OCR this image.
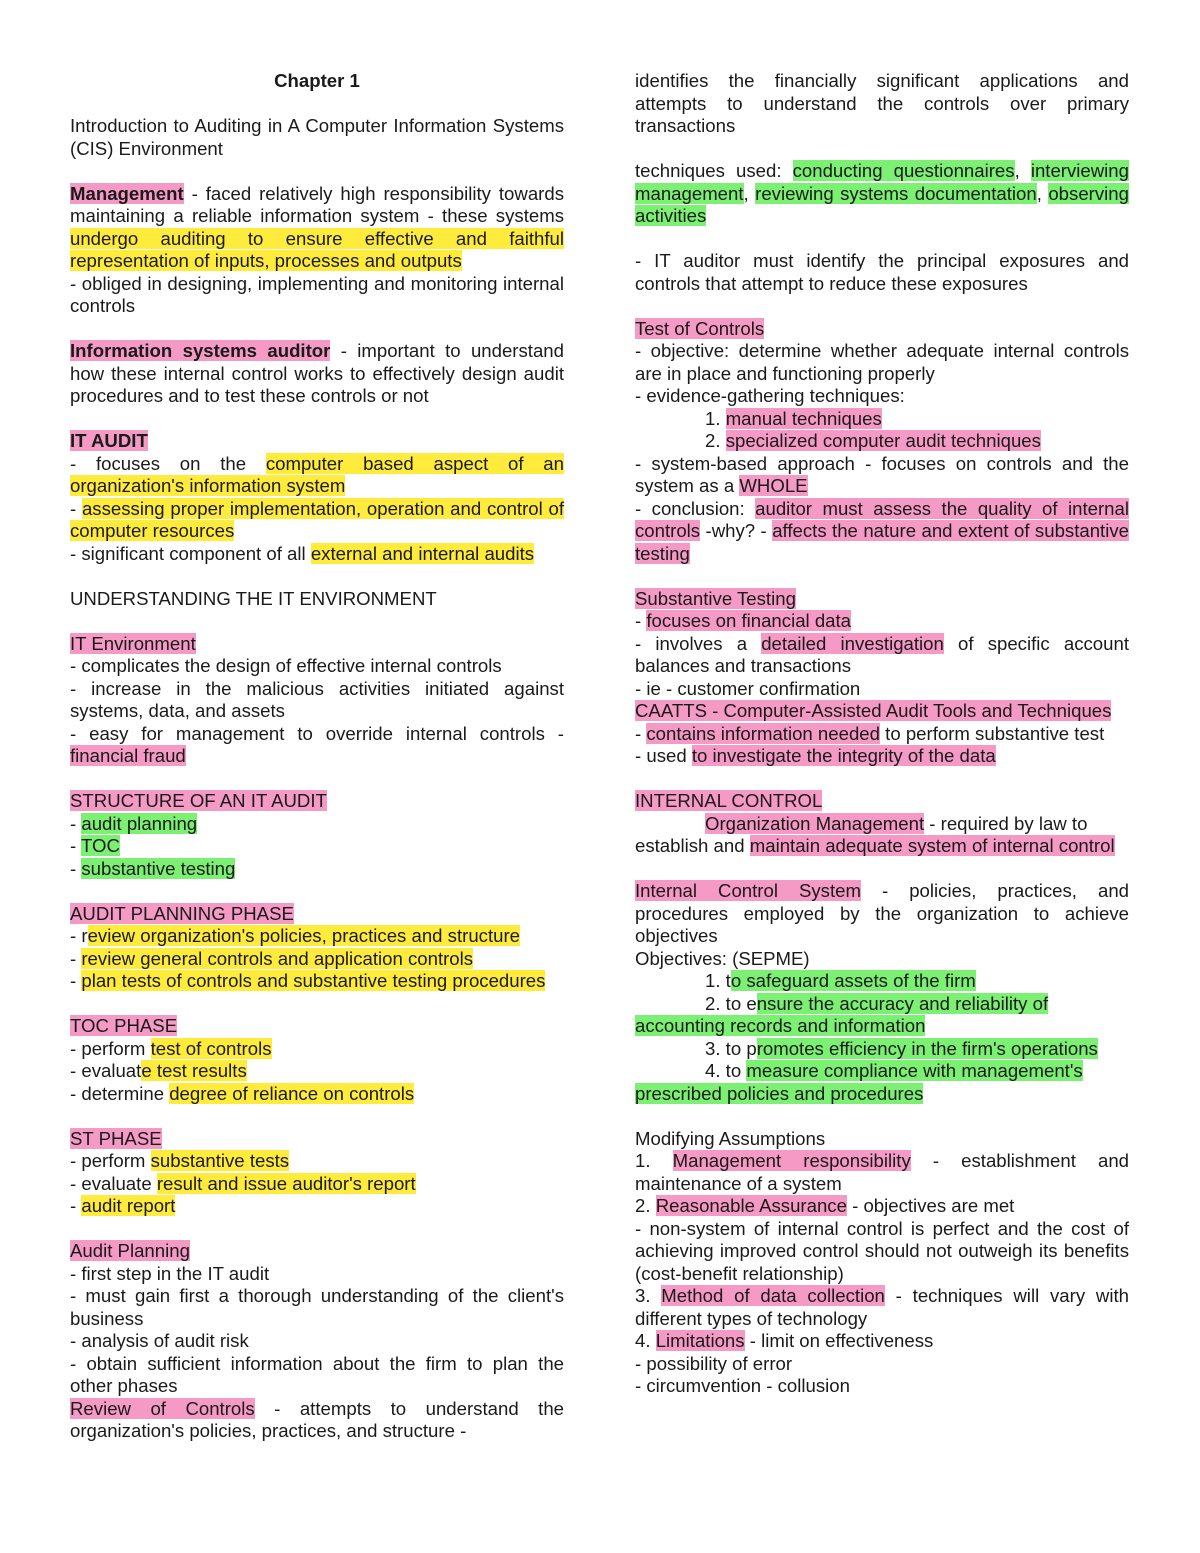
Chapter 1
Introduction to Auditing in A Computer Information Systems (CIS) Environment
Management - faced relatively high responsibility towards maintaining a reliable information system - these systems undergo auditing to ensure effective and faithful representation of inputs, processes and outputs
- obliged in designing, implementing and monitoring internal controls
Information systems auditor - important to understand how these internal control works to effectively design audit procedures and to test these controls or not
IT AUDIT
- focuses on the computer based aspect of an organization's information system
- assessing proper implementation, operation and control of computer resources
- significant component of all external and internal audits
UNDERSTANDING THE IT ENVIRONMENT
IT Environment
- complicates the design of effective internal controls
- increase in the malicious activities initiated against systems, data, and assets
- easy for management to override internal controls - financial fraud
STRUCTURE OF AN IT AUDIT
- audit planning
- TOC
- substantive testing
AUDIT PLANNING PHASE
- review organization's policies, practices and structure
- review general controls and application controls
- plan tests of controls and substantive testing procedures
TOC PHASE
- perform test of controls
- evaluate test results
- determine degree of reliance on controls
ST PHASE
- perform substantive tests
- evaluate result and issue auditor's report
- audit report
Audit Planning
- first step in the IT audit
- must gain first a thorough understanding of the client's business
- analysis of audit risk
- obtain sufficient information about the firm to plan the other phases
Review of Controls - attempts to understand the organization's policies, practices, and structure -
identifies the financially significant applications and attempts to understand the controls over primary transactions
techniques used: conducting questionnaires, interviewing management, reviewing systems documentation, observing activities
- IT auditor must identify the principal exposures and controls that attempt to reduce these exposures
Test of Controls
- objective: determine whether adequate internal controls are in place and functioning properly
- evidence-gathering techniques:
1. manual techniques
2. specialized computer audit techniques
- system-based approach - focuses on controls and the system as a WHOLE
- conclusion: auditor must assess the quality of internal controls -why? - affects the nature and extent of substantive testing
Substantive Testing
- focuses on financial data
- involves a detailed investigation of specific account balances and transactions
- ie - customer confirmation
CAATTS - Computer-Assisted Audit Tools and Techniques
- contains information needed to perform substantive test
- used to investigate the integrity of the data
INTERNAL CONTROL
Organization Management - required by law to
establish and maintain adequate system of internal control
Internal Control System - policies, practices, and procedures employed by the organization to achieve objectives
Objectives: (SEPME)
1. to safeguard assets of the firm
2. to ensure the accuracy and reliability of
accounting records and information
3. to promotes efficiency in the firm's operations
4. to measure compliance with management's
prescribed policies and procedures
Modifying Assumptions
1. Management responsibility - establishment and maintenance of a system
2. Reasonable Assurance - objectives are met
- non-system of internal control is perfect and the cost of achieving improved control should not outweigh its benefits (cost-benefit relationship)
3. Method of data collection - techniques will vary with different types of technology
4. Limitations - limit on effectiveness
- possibility of error
- circumvention - collusion
